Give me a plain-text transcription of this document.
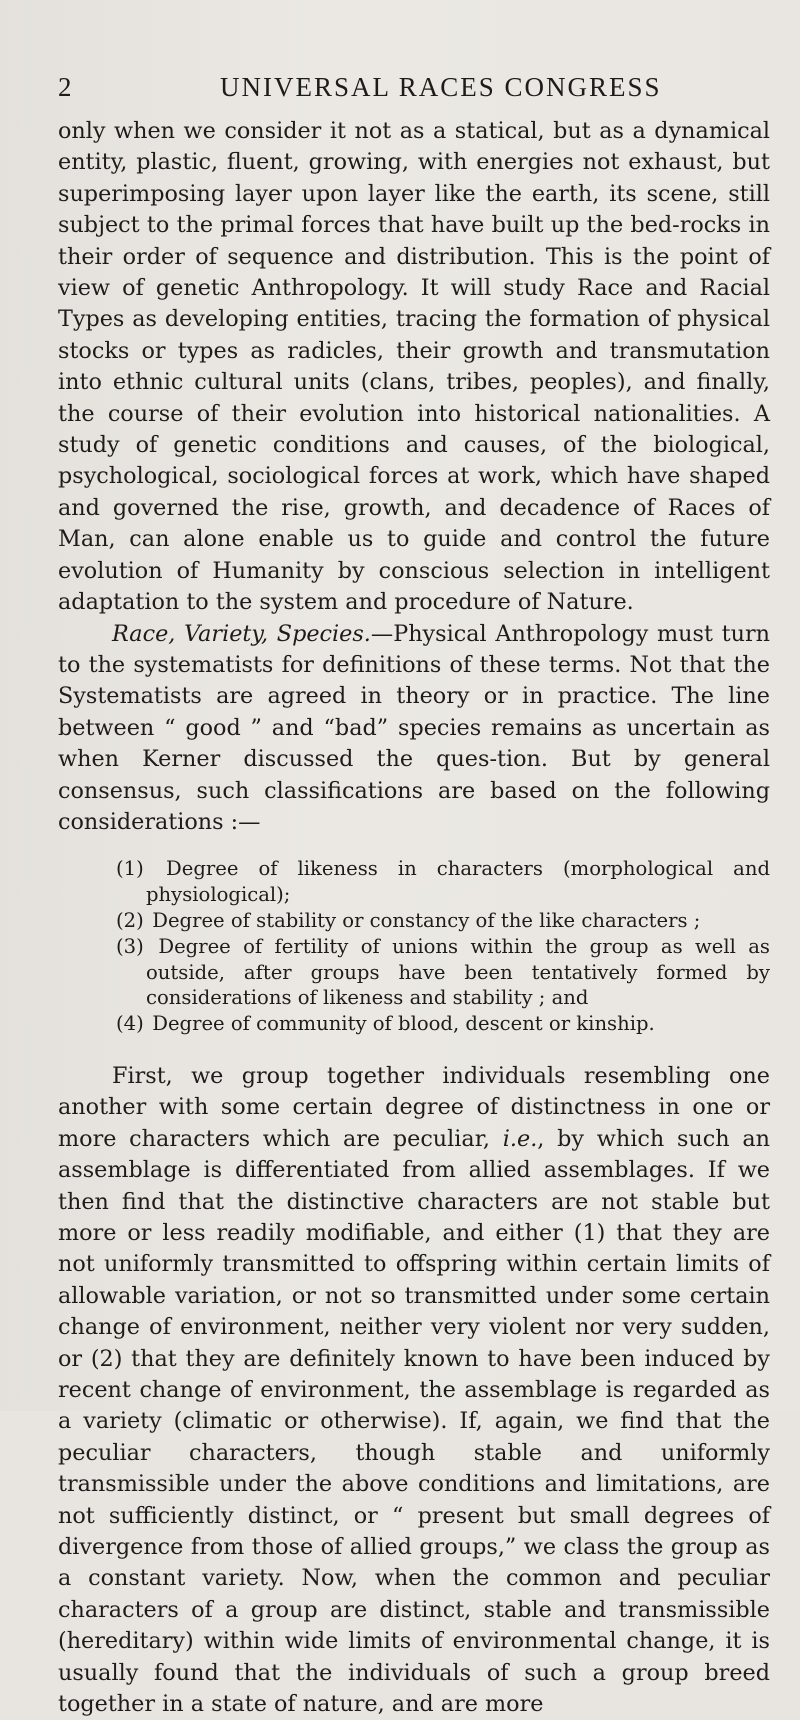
2	UNIVERSAL RACES CONGRESS

only when we consider it not as a statical, but as a dynamical entity, plastic, fluent, growing, with energies not exhaust, but superimposing layer upon layer like the earth, its scene, still subject to the primal forces that have built up the bed-rocks in their order of sequence and distribution. This is the point of view of genetic Anthropology. It will study Race and Racial Types as developing entities, tracing the formation of physical stocks or types as radicles, their growth and transmutation into ethnic cultural units (clans, tribes, peoples), and finally, the course of their evolution into historical nationalities. A study of genetic conditions and causes, of the biological, psychological, sociological forces at work, which have shaped and governed the rise, growth, and decadence of Races of Man, can alone enable us to guide and control the future evolution of Humanity by conscious selection in intelligent adaptation to the system and procedure of Nature.

Race, Variety, Species.—Physical Anthropology must turn to the systematists for definitions of these terms. Not that the Systematists are agreed in theory or in practice. The line between “ good ” and “bad” species remains as uncertain as when Kerner discussed the ques-tion. But by general consensus, such classifications are based on the following considerations :—

(1) Degree of likeness in characters (morphological and physiological);
(2) Degree of stability or constancy of the like characters ;
(3) Degree of fertility of unions within the group as well as outside, after groups have been tentatively formed by considerations of likeness and stability ; and
(4) Degree of community of blood, descent or kinship.

First, we group together individuals resembling one another with some certain degree of distinctness in one or more characters which are peculiar, i.e., by which such an assemblage is differentiated from allied assemblages. If we then find that the distinctive characters are not stable but more or less readily modifiable, and either (1) that they are not uniformly transmitted to offspring within certain limits of allowable variation, or not so transmitted under some certain change of environment, neither very violent nor very sudden, or (2) that they are definitely known to have been induced by recent change of environment, the assemblage is regarded as a variety (climatic or otherwise). If, again, we find that the peculiar characters, though stable and uniformly transmissible under the above conditions and limitations, are not sufficiently distinct, or “ present but small degrees of divergence from those of allied groups,” we class the group as a constant variety. Now, when the common and peculiar characters of a group are distinct, stable and transmissible (hereditary) within wide limits of environmental change, it is usually found that the individuals of such a group breed together in a state of nature, and are more
